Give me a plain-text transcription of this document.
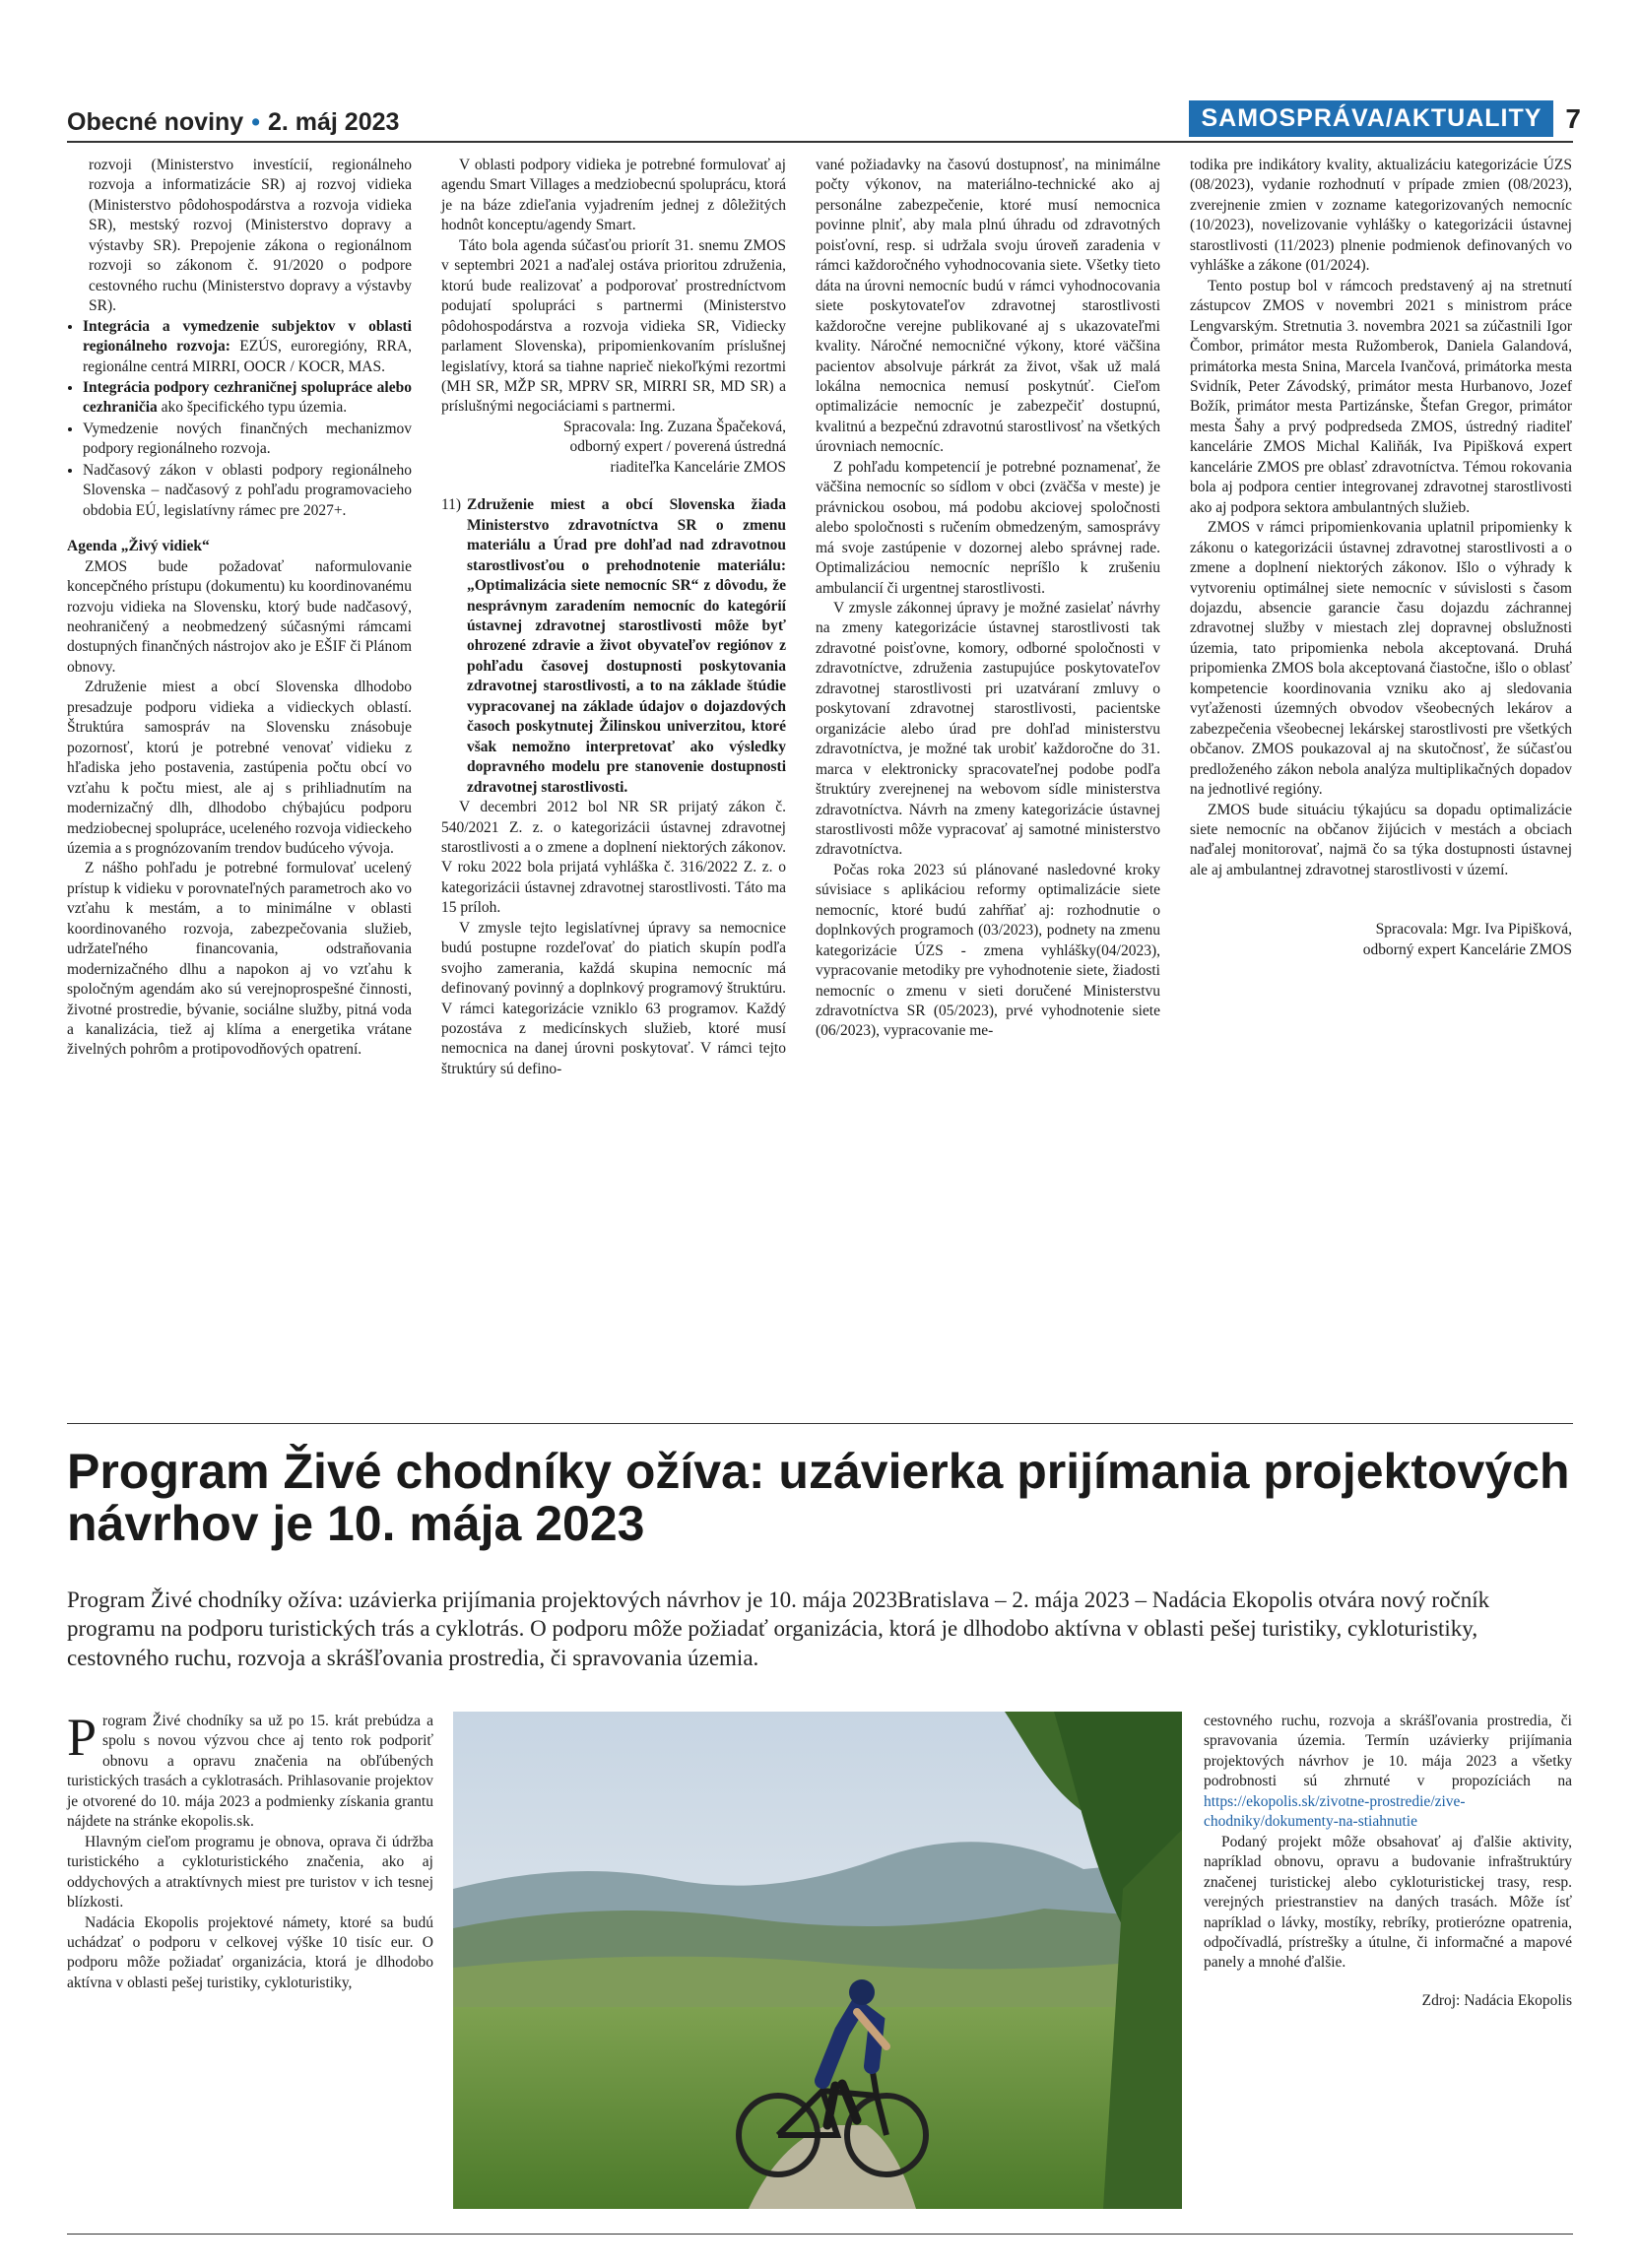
Obecné noviny • 2. máj 2023	SAMOSPRÁVA/AKTUALITY 7

rozvoji (Ministerstvo investícií, regionálneho rozvoja a informatizácie SR) aj rozvoj vidieka (Ministerstvo pôdohospodárstva a rozvoja vidieka SR), mestský rozvoj (Ministerstvo dopravy a výstavby SR). Prepojenie zákona o regionálnom rozvoji so zákonom č. 91/2020 o podpore cestovného ruchu (Ministerstvo dopravy a výstavby SR).

• Integrácia a vymedzenie subjektov v oblasti regionálneho rozvoja: EZÚS, euroregióny, RRA, regionálne centrá MIRRI, OOCR / KOCR, MAS.
• Integrácia podpory cezhraničnej spolupráce alebo cezhraničia ako špecifického typu územia.
• Vymedzenie nových finančných mechanizmov podpory regionálneho rozvoja.
• Nadčasový zákon v oblasti podpory regionálneho Slovenska – nadčasový z pohľadu programovacieho obdobia EÚ, legislatívny rámec pre 2027+.
Agenda „Živý vidiek“

ZMOS bude požadovať naformulovanie koncepčného prístupu (dokumentu) ku koordinovanému rozvoju vidieka na Slovensku, ktorý bude nadčasový, neohraničený a neobmedzený súčasnými rámcami dostupných finančných nástrojov ako je EŠIF či Plánom obnovy.

Združenie miest a obcí Slovenska dlhodobo presadzuje podporu vidieka a vidieckych oblastí. Štruktúra samospráv na Slovensku znásobuje pozornosť, ktorú je potrebné venovať vidieku z hľadiska jeho postavenia, zastúpenia počtu obcí vo vzťahu k počtu miest, ale aj s prihliadnutím na modernizačný dlh, dlhodobo chýbajúcu podporu medziobecnej spolupráce, uceleného rozvoja vidieckeho územia a s prognózovaním trendov budúceho vývoja.

Z nášho pohľadu je potrebné formulovať ucelený prístup k vidieku v porovnateľných parametroch ako vo vzťahu k mestám, a to minimálne v oblasti koordinovaného rozvoja, zabezpečovania služieb, udržateľného financovania, odstraňovania modernizačného dlhu a napokon aj vo vzťahu k spoločným agendám ako sú verejnoprospešné činnosti, životné prostredie, bývanie, sociálne služby, pitná voda a kanalizácia, tiež aj klíma a energetika vrátane živelných pohrôm a protipovodňových opatrení.

V oblasti podpory vidieka je potrebné formulovať aj agendu Smart Villages a medziobecnú spoluprácu, ktorá je na báze zdieľania vyjadrením jednej z dôležitých hodnôt konceptu/agendy Smart.

Táto bola agenda súčasťou priorít 31. snemu ZMOS v septembri 2021 a naďalej ostáva prioritou združenia, ktorú bude realizovať a podporovať prostredníctvom podujatí spolupráci s partnermi (Ministerstvo pôdohospodárstva a rozvoja vidieka SR, Vidiecky parlament Slovenska), pripomienkovaním príslušnej legislatívy, ktorá sa tiahne naprieč niekoľkými rezortmi (MH SR, MŽP SR, MPRV SR, MIRRI SR, MD SR) a príslušnými negociáciami s partnermi.

Spracovala: Ing. Zuzana Špačeková,

odborný expert / poverená ústredná

riaditeľka Kancelárie ZMOS

11) Združenie miest a obcí Slovenska žiada Ministerstvo zdravotníctva SR o zmenu materiálu a Úrad pre dohľad nad zdravotnou starostlivosťou o prehodnotenie materiálu: „Optimalizácia siete nemocníc SR“ z dôvodu, že nesprávnym zaradením nemocníc do kategórií ústavnej zdravotnej starostlivosti môže byť ohrozené zdravie a život obyvateľov regiónov z pohľadu časovej dostupnosti poskytovania zdravotnej starostlivosti, a to na základe štúdie vypracovanej na základe údajov o dojazdových časoch poskytnutej Žilinskou univerzitou, ktoré však nemožno interpretovať ako výsledky dopravného modelu pre stanovenie dostupnosti zdravotnej starostlivosti.

V decembri 2012 bol NR SR prijatý zákon č. 540/2021 Z. z. o kategorizácii ústavnej zdravotnej starostlivosti a o zmene a doplnení niektorých zákonov. V roku 2022 bola prijatá vyhláška č. 316/2022 Z. z. o kategorizácii ústavnej zdravotnej starostlivosti. Táto ma 15 príloh.

V zmysle tejto legislatívnej úpravy sa nemocnice budú postupne rozdeľovať do piatich skupín podľa svojho zamerania, každá skupina nemocníc má definovaný povinný a doplnkový programový štruktúru. V rámci kategorizácie vzniklo 63 programov. Každý pozostáva z medicínskych služieb, ktoré musí nemocnica na danej úrovni poskytovať. V rámci tejto štruktúry sú defino-

vané požiadavky na časovú dostupnosť, na minimálne počty výkonov, na materiálno-technické ako aj personálne zabezpečenie, ktoré musí nemocnica povinne plniť, aby mala plnú úhradu od zdravotných poisťovní, resp. si udržala svoju úroveň zaradenia v rámci každoročného vyhodnocovania siete. Všetky tieto dáta na úrovni nemocníc budú v rámci vyhodnocovania siete poskytovateľov zdravotnej starostlivosti každoročne verejne publikované aj s ukazovateľmi kvality. Náročné nemocničné výkony, ktoré väčšina pacientov absolvuje párkrát za život, však už malá lokálna nemocnica nemusí poskytnúť. Cieľom optimalizácie nemocníc je zabezpečiť dostupnú, kvalitnú a bezpečnú zdravotnú starostlivosť na všetkých úrovniach nemocníc.

Z pohľadu kompetencií je potrebné poznamenať, že väčšina nemocníc so sídlom v obci (zväčša v meste) je právnickou osobou, má podobu akciovej spoločnosti alebo spoločnosti s ručením obmedzeným, samosprávy má svoje zastúpenie v dozornej alebo správnej rade. Optimalizáciou nemocníc nepríšlo k zrušeniu ambulancií či urgentnej starostlivosti.

V zmysle zákonnej úpravy je možné zasielať návrhy na zmeny kategorizácie ústavnej starostlivosti tak zdravotné poisťovne, komory, odborné spoločnosti v zdravotníctve, združenia zastupujúce poskytovateľov zdravotnej starostlivosti pri uzatváraní zmluvy o poskytovaní zdravotnej starostlivosti, pacientske organizácie alebo úrad pre dohľad ministerstvu zdravotníctva, je možné tak urobiť každoročne do 31. marca v elektronicky spracovateľnej podobe podľa štruktúry zverejnenej na webovom sídle ministerstva zdravotníctva. Návrh na zmeny kategorizácie ústavnej starostlivosti môže vypracovať aj samotné ministerstvo zdravotníctva.

Počas roka 2023 sú plánované nasledovné kroky súvisiace s aplikáciou reformy optimalizácie siete nemocníc, ktoré budú zahŕňať aj: rozhodnutie o doplnkových programoch (03/2023), podnety na zmenu kategorizácie ÚZS - zmena vyhlášky(04/2023), vypracovanie metodiky pre vyhodnotenie siete, žiadosti nemocníc o zmenu v sieti doručené Ministerstvu zdravotníctva SR (05/2023), prvé vyhodnotenie siete (06/2023), vypracovanie me-

todika pre indikátory kvality, aktualizáciu kategorizácie ÚZS (08/2023), vydanie rozhodnutí v prípade zmien (08/2023), zverejnenie zmien v zozname kategorizovaných nemocníc (10/2023), novelizovanie vyhlášky o kategorizácii ústavnej starostlivosti (11/2023) plnenie podmienok definovaných vo vyhláške a zákone (01/2024).

Tento postup bol v rámcoch predstavený aj na stretnutí zástupcov ZMOS v novembri 2021 s ministrom práce Lengvarským. Stretnutia 3. novembra 2021 sa zúčastnili Igor Čombor, primátor mesta Ružomberok, Daniela Galandová, primátorka mesta Snina, Marcela Ivančová, primátorka mesta Svidník, Peter Závodský, primátor mesta Hurbanovo, Jozef Božík, primátor mesta Partizánske, Štefan Gregor, primátor mesta Šahy a prvý podpredseda ZMOS, ústredný riaditeľ kancelárie ZMOS Michal Kaliňák, Iva Pipišková expert kancelárie ZMOS pre oblasť zdravotníctva. Témou rokovania bola aj podpora centier integrovanej zdravotnej starostlivosti ako aj podpora sektora ambulantných služieb.

ZMOS v rámci pripomienkovania uplatnil pripomienky k zákonu o kategorizácii ústavnej zdravotnej starostlivosti a o zmene a doplnení niektorých zákonov. Išlo o výhrady k vytvoreniu optimálnej siete nemocníc v súvislosti s časom dojazdu, absencie garancie času dojazdu záchrannej zdravotnej služby v miestach zlej dopravnej obslužnosti územia, tato pripomienka nebola akceptovaná. Druhá pripomienka ZMOS bola akceptovaná čiastočne, išlo o oblasť kompetencie koordinovania vzniku ako aj sledovania vyťaženosti územných obvodov všeobecných lekárov a zabezpečenia všeobecnej lekárskej starostlivosti pre všetkých občanov. ZMOS poukazoval aj na skutočnosť, že súčasťou predloženého zákon nebola analýza multiplikačných dopadov na jednotlivé regióny.

ZMOS bude situáciu týkajúcu sa dopadu optimalizácie siete nemocníc na občanov žijúcich v mestách a obciach naďalej monitorovať, najmä čo sa týka dostupnosti ústavnej ale aj ambulantnej zdravotnej starostlivosti v území.

Spracovala: Mgr. Iva Pipišková,

odborný expert Kancelárie ZMOS

Program Živé chodníky ožíva: uzávierka prijímania projektových návrhov je 10. mája 2023
Program Živé chodníky ožíva: uzávierka prijímania projektových návrhov je 10. mája 2023Bratislava – 2. mája 2023 – Nadácia Ekopolis otvára nový ročník programu na podporu turistických trás a cyklotrás. O podporu môže požiadať organizácia, ktorá je dlhodobo aktívna v oblasti pešej turistiky, cykloturistiky, cestovného ruchu, rozvoja a skrášľovania prostredia, či spravovania územia.

Program Živé chodníky sa už po 15. krát prebúdza a spolu s novou výzvou chce aj tento rok podporiť obnovu a opravu značenia na obľúbených turistických trasách a cyklotrasách. Prihlasovanie projektov je otvorené do 10. mája 2023 a podmienky získania grantu nájdete na stránke ekopolis.sk.

Hlavným cieľom programu je obnova, oprava či údržba turistického a cykloturistického značenia, ako aj oddychových a atraktívnych miest pre turistov v ich tesnej blízkosti.

Nadácia Ekopolis projektové námety, ktoré sa budú uchádzať o podporu v celkovej výške 10 tisíc eur. O podporu môže požiadať organizácia, ktorá je dlhodobo aktívna v oblasti pešej turistiky, cykloturistiky,

cestovného ruchu, rozvoja a skrášľovania prostredia, či spravovania územia. Termín uzávierky prijímania projektových návrhov je 10. mája 2023 a všetky podrobnosti sú zhrnuté v propozíciách na https://ekopolis.sk/zivotne-prostredie/zive-chodniky/dokumenty-na-stiahnutie

Podaný projekt môže obsahovať aj ďalšie aktivity, napríklad obnovu, opravu a budovanie infraštruktúry značenej turistickej alebo cykloturistickej trasy, resp. verejných priestranstiev na daných trasách. Môže ísť napríklad o lávky, mostíky, rebríky, protierózne opatrenia, odpočívadlá, prístrešky a útulne, či informačné a mapové panely a mnohé ďalšie.

Zdroj: Nadácia Ekopolis
